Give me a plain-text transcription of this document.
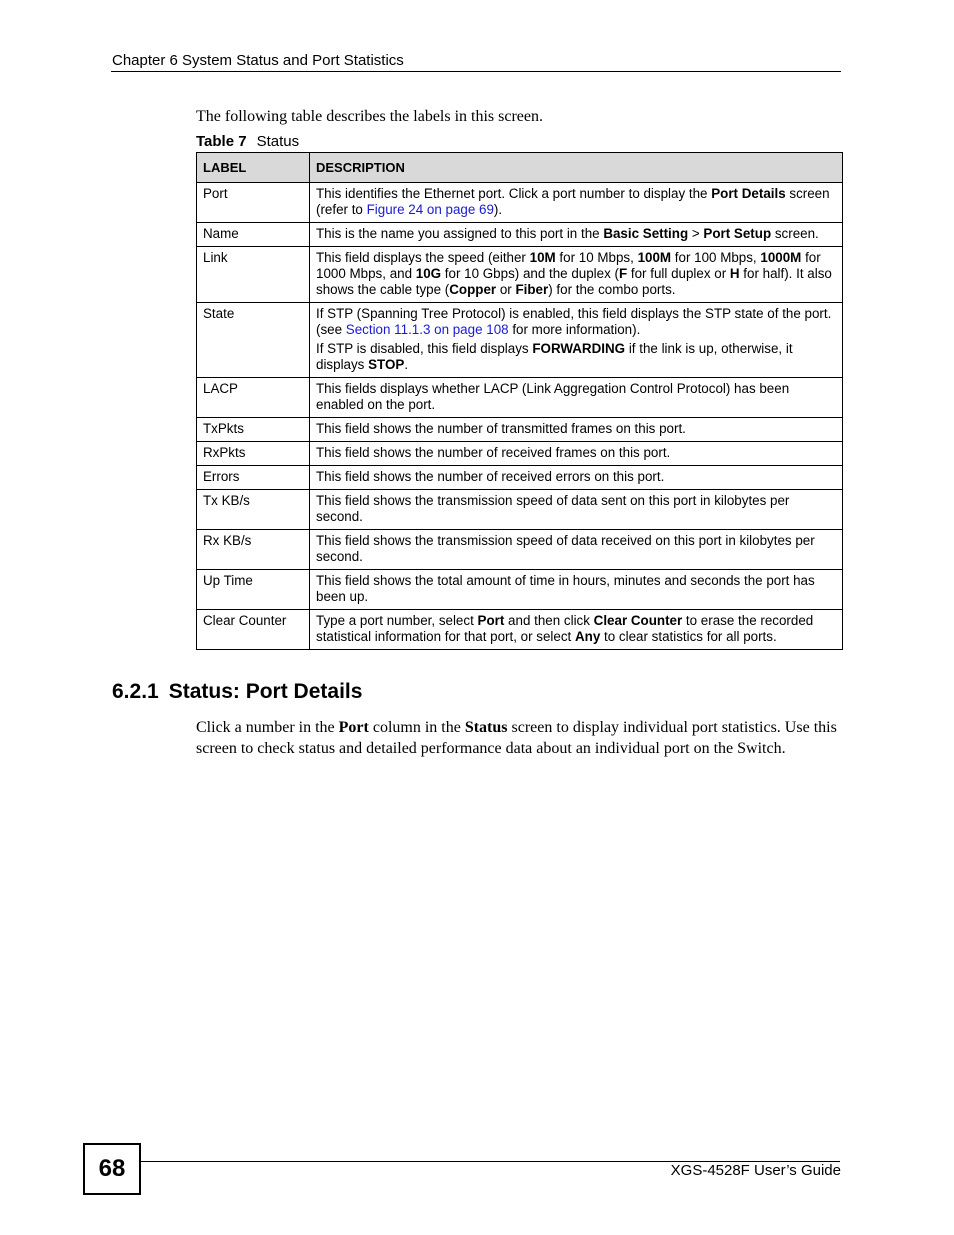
Chapter 6 System Status and Port Statistics
The following table describes the labels in this screen.
Table 7 Status
LABEL	DESCRIPTION
Port	This identifies the Ethernet port. Click a port number to display the Port Details screen (refer to Figure 24 on page 69).
Name	This is the name you assigned to this port in the Basic Setting > Port Setup screen.
Link	This field displays the speed (either 10M for 10 Mbps, 100M for 100 Mbps, 1000M for 1000 Mbps, and 10G for 10 Gbps) and the duplex (F for full duplex or H for half). It also shows the cable type (Copper or Fiber) for the combo ports.
State	If STP (Spanning Tree Protocol) is enabled, this field displays the STP state of the port. (see Section 11.1.3 on page 108 for more information).

If STP is disabled, this field displays FORWARDING if the link is up, otherwise, it displays STOP.

LACP	This fields displays whether LACP (Link Aggregation Control Protocol) has been enabled on the port.
TxPkts	This field shows the number of transmitted frames on this port.
RxPkts	This field shows the number of received frames on this port.
Errors	This field shows the number of received errors on this port.
Tx KB/s	This field shows the transmission speed of data sent on this port in kilobytes per second.
Rx KB/s	This field shows the transmission speed of data received on this port in kilobytes per second.
Up Time	This field shows the total amount of time in hours, minutes and seconds the port has been up.
Clear Counter	Type a port number, select Port and then click Clear Counter to erase the recorded statistical information for that port, or select Any to clear statistics for all ports.
6.2.1 Status: Port Details
Click a number in the Port column in the Status screen to display individual port statistics. Use this screen to check status and detailed performance data about an individual port on the Switch.
68	XGS-4528F User’s Guide
